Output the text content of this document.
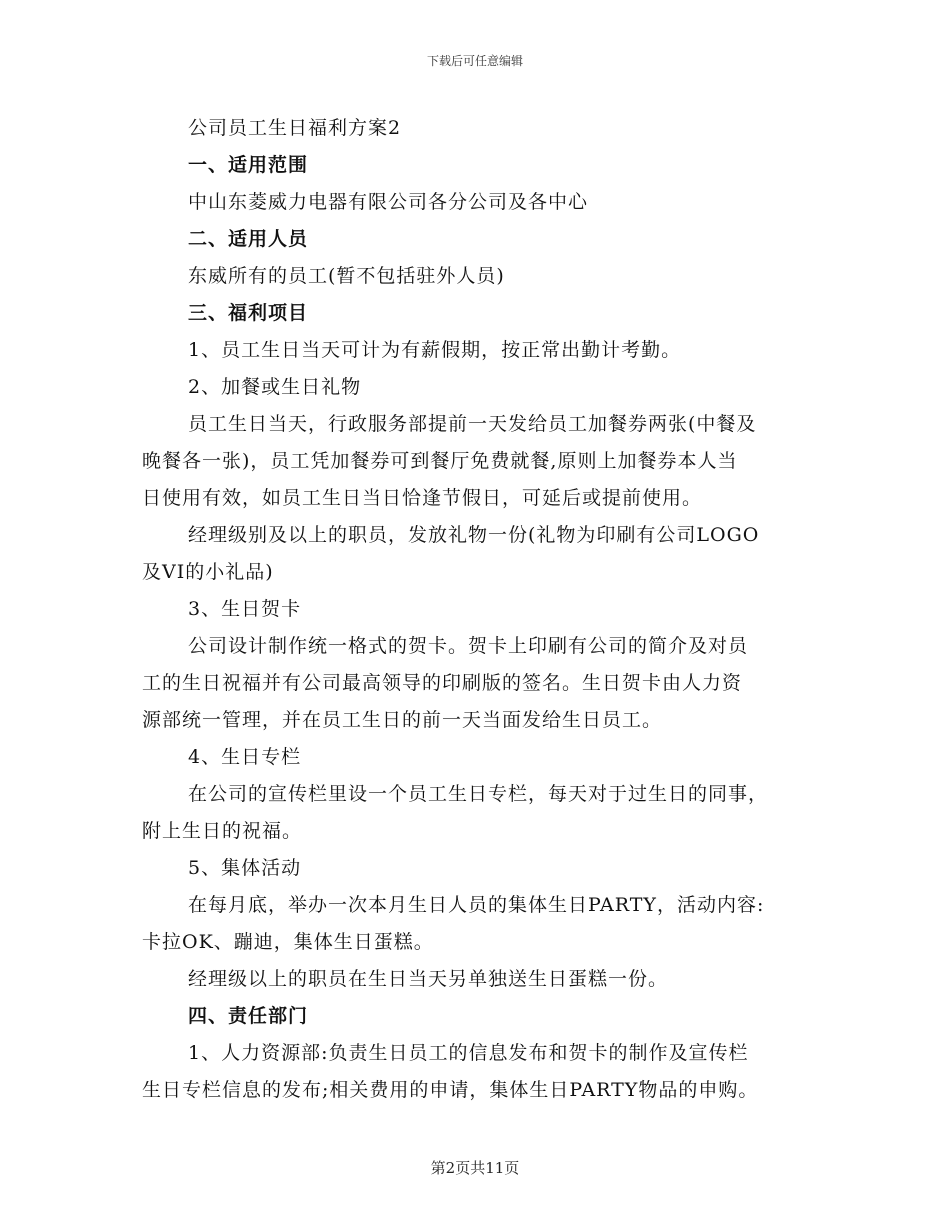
下载后可任意编辑

公司员工生日福利方案2

一、适用范围

中山东菱威力电器有限公司各分公司及各中心

二、适用人员

东威所有的员工(暂不包括驻外人员)

三、福利项目

1、员工生日当天可计为有薪假期，按正常出勤计考勤。

2、加餐或生日礼物

员工生日当天，行政服务部提前一天发给员工加餐券两张(中餐及

晚餐各一张)，员工凭加餐券可到餐厅免费就餐,原则上加餐券本人当

日使用有效，如员工生日当日恰逢节假日，可延后或提前使用。

经理级别及以上的职员，发放礼物一份(礼物为印刷有公司LOGO

及VI的小礼品)

3、生日贺卡

公司设计制作统一格式的贺卡。贺卡上印刷有公司的简介及对员

工的生日祝福并有公司最高领导的印刷版的签名。生日贺卡由人力资

源部统一管理，并在员工生日的前一天当面发给生日员工。

4、生日专栏

在公司的宣传栏里设一个员工生日专栏，每天对于过生日的同事，

附上生日的祝福。

5、集体活动

在每月底，举办一次本月生日人员的集体生日PARTY，活动内容:

卡拉OK、蹦迪，集体生日蛋糕。

经理级以上的职员在生日当天另单独送生日蛋糕一份。

四、责任部门

1、人力资源部:负责生日员工的信息发布和贺卡的制作及宣传栏

生日专栏信息的发布;相关费用的申请，集体生日PARTY物品的申购。

第2页共11页
